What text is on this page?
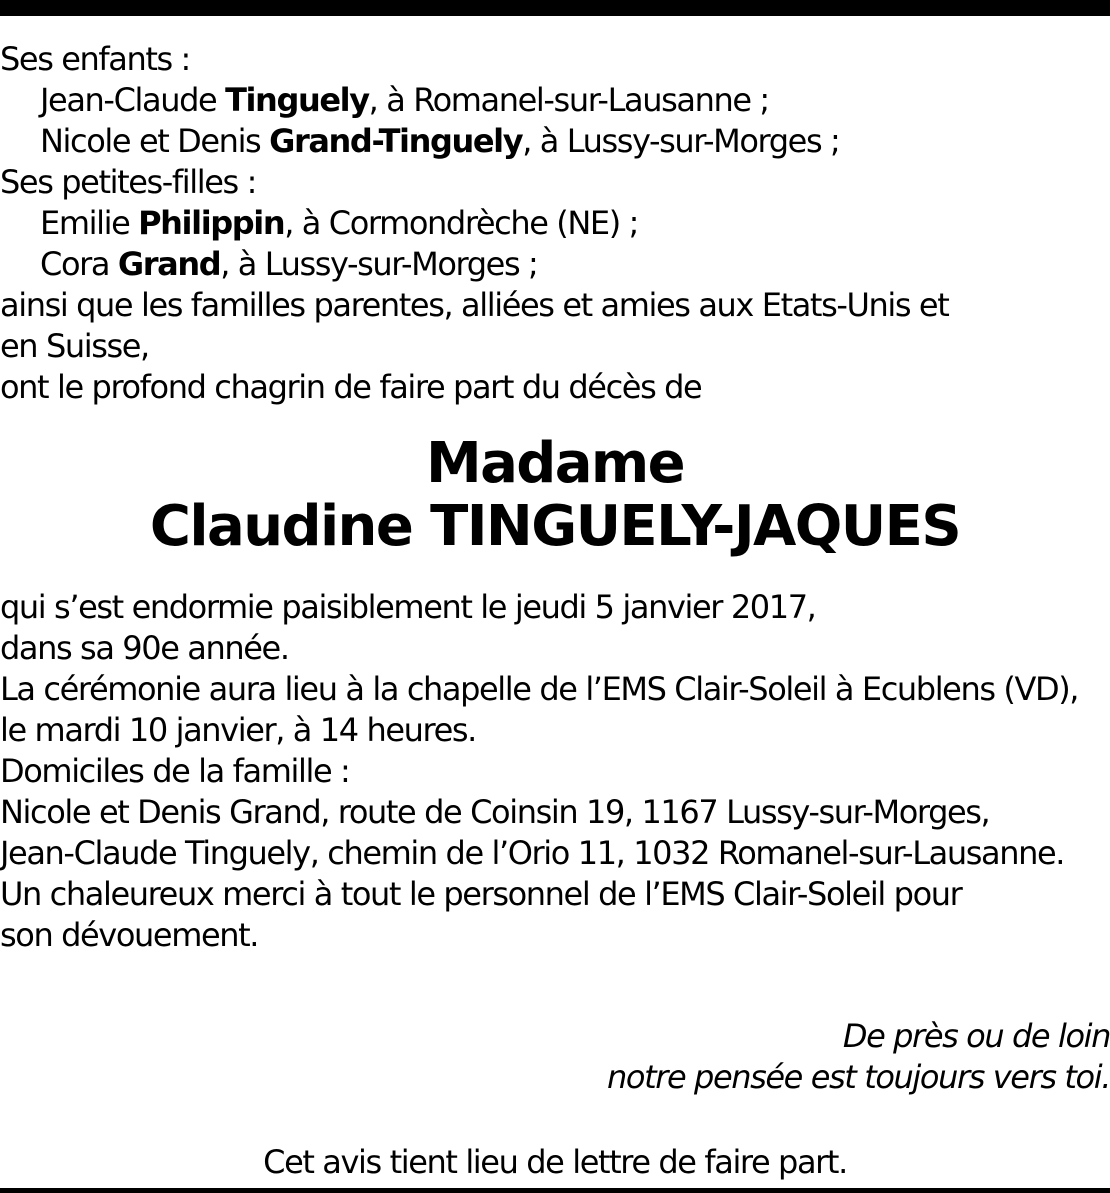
Ses enfants :
Jean-Claude Tinguely, à Romanel-sur-Lausanne ;
Nicole et Denis Grand-Tinguely, à Lussy-sur-Morges ;
Ses petites-filles :
Emilie Philippin, à Cormondrèche (NE) ;
Cora Grand, à Lussy-sur-Morges ;
ainsi que les familles parentes, alliées et amies aux Etats-Unis et
en Suisse,
ont le profond chagrin de faire part du décès de
Madame
Claudine TINGUELY-JAQUES
qui s’est endormie paisiblement le jeudi 5 janvier 2017,
dans sa 90e année.
La cérémonie aura lieu à la chapelle de l’EMS Clair-Soleil à Ecublens (VD),
le mardi 10 janvier, à 14 heures.
Domiciles de la famille :
Nicole et Denis Grand, route de Coinsin 19, 1167 Lussy-sur-Morges,
Jean-Claude Tinguely, chemin de l’Orio 11, 1032 Romanel-sur-Lausanne.
Un chaleureux merci à tout le personnel de l’EMS Clair-Soleil pour
son dévouement.
De près ou de loin
notre pensée est toujours vers toi.
Cet avis tient lieu de lettre de faire part.
